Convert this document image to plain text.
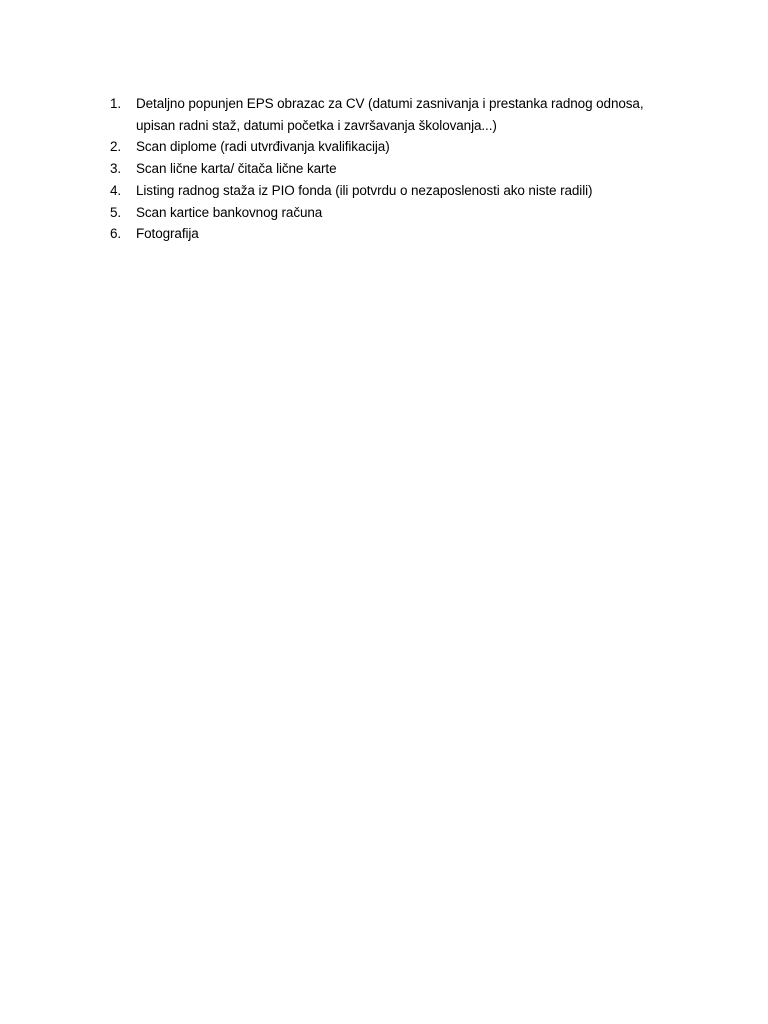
1.	Detaljno popunjen EPS obrazac za CV (datumi zasnivanja i prestanka radnog odnosa, upisan radni staž, datumi početka i završavanja školovanja...)
2.	Scan diplome (radi utvrđivanja kvalifikacija)
3.	Scan lične karta/ čitača lične karte
4.	Listing radnog staža iz PIO fonda (ili potvrdu o nezaposlenosti ako niste radili)
5.	Scan kartice bankovnog računa
6.	Fotografija
